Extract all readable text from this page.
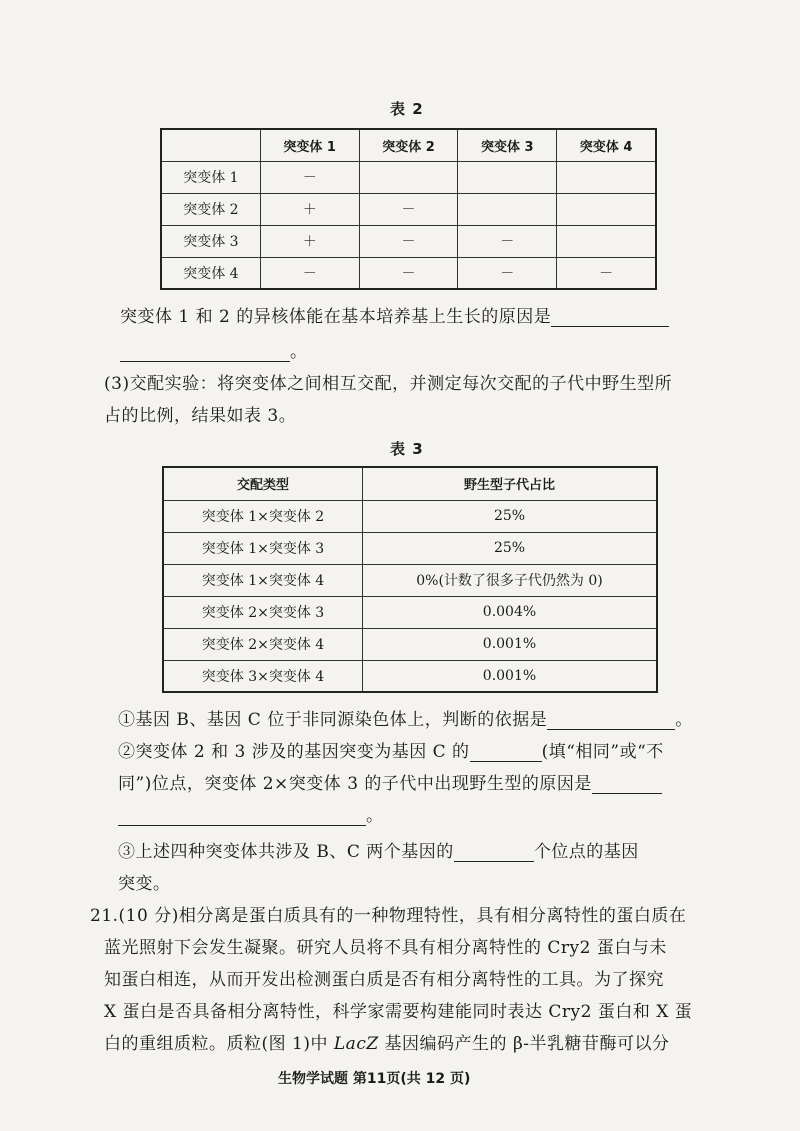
表 2
	突变体 1	突变体 2	突变体 3	突变体 4
突变体 1	－			
突变体 2	＋	－		
突变体 3	＋	－	－	
突变体 4	－	－	－	－
突变体 1 和 2 的异核体能在基本培养基上生长的原因是
。
(3)交配实验：将突变体之间相互交配，并测定每次交配的子代中野生型所
占的比例，结果如表 3。
表 3
交配类型	野生型子代占比
突变体 1×突变体 2	25%
突变体 1×突变体 3	25%
突变体 1×突变体 4	0%(计数了很多子代仍然为 0)
突变体 2×突变体 3	0.004%
突变体 2×突变体 4	0.001%
突变体 3×突变体 4	0.001%
①基因 B、基因 C 位于非同源染色体上，判断的依据是	。
②突变体 2 和 3 涉及的基因突变为基因 C 的	(填“相同”或“不
同”)位点，突变体 2×突变体 3 的子代中出现野生型的原因是
。
③上述四种突变体共涉及 B、C 两个基因的	个位点的基因
突变。
21.(10 分)相分离是蛋白质具有的一种物理特性，具有相分离特性的蛋白质在
蓝光照射下会发生凝聚。研究人员将不具有相分离特性的 Cry2 蛋白与未
知蛋白相连，从而开发出检测蛋白质是否有相分离特性的工具。为了探究
X 蛋白是否具备相分离特性，科学家需要构建能同时表达 Cry2 蛋白和 X 蛋
白的重组质粒。质粒(图 1)中 LacZ 基因编码产生的 β-半乳糖苷酶可以分
生物学试题 第11页(共 12 页)
